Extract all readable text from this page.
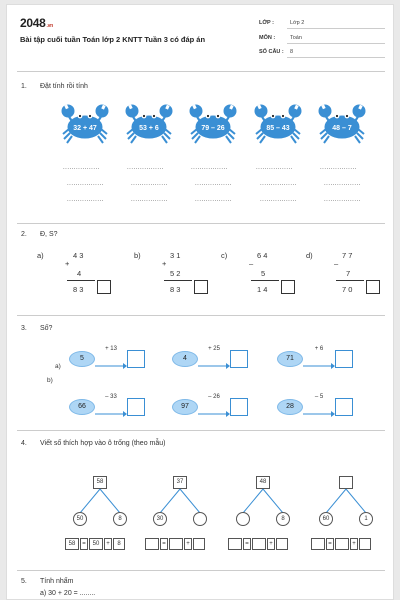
2048.vn
Bài tập cuối tuần Toán lớp 2 KNTT Tuần 3 có đáp án
LỚP :	Lớp 2
MÔN :	Toán
SỐ CÂU : 8
1. Đặt tính rồi tính
32 + 47	53 + 6	79 – 26	85 – 43	48 – 7
.................
.................
.................
.................
.................
.................
.................
.................
.................
.................
.................
.................
.................
.................
.................
2. Đ, S?
a)	4 3
+
4
8 3
b)	3 1
+
5 2
8 3
c)	6 4
–
5
1 4
d)	7 7
–
7
7 0
3. Số?
a)
b)
5
+ 13
4
+ 25
71
+ 6
66
– 33
97
– 26
28
– 5
4. Viết số thích hợp vào ô trống (theo mẫu)
58
50	8
58	=	50	+	8
37
30
=	+
48
8
=	+
60	1
=	+
5. Tính nhẩm
a) 30 + 20 = ........
